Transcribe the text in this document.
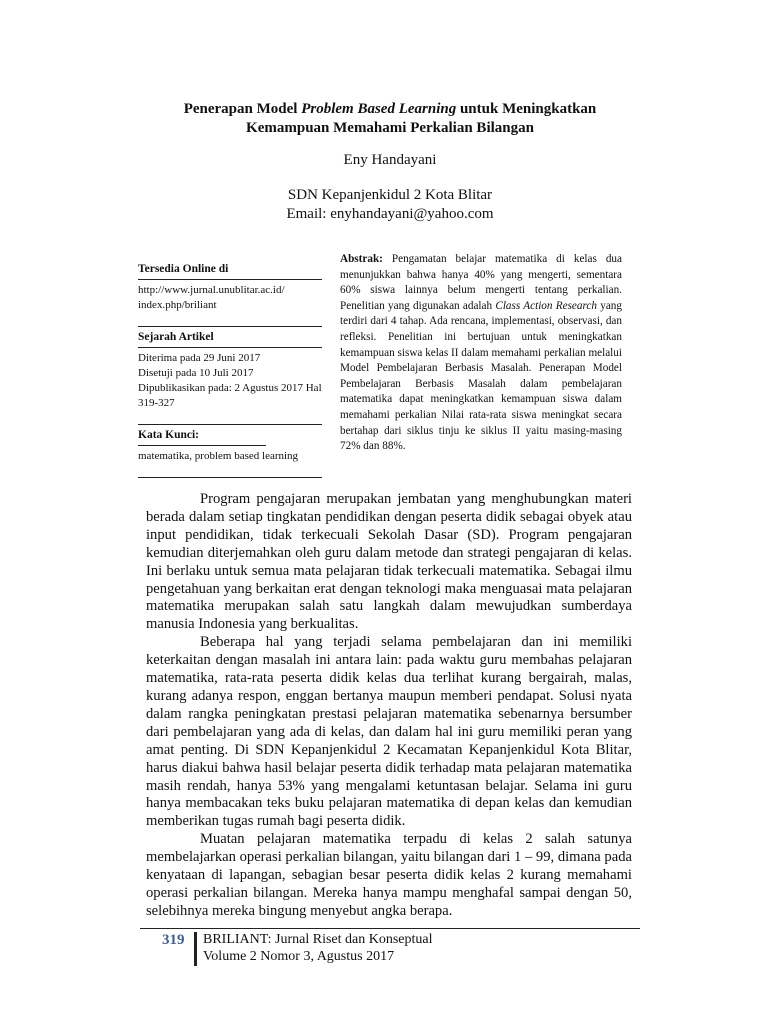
Penerapan Model Problem Based Learning untuk Meningkatkan
Kemampuan Memahami Perkalian Bilangan
Eny Handayani
SDN Kepanjenkidul 2 Kota Blitar
Email: enyhandayani@yahoo.com
Tersedia Online di
http://www.jurnal.unublitar.ac.id/
index.php/briliant
Sejarah Artikel
Diterima pada 29 Juni 2017
Disetuji pada 10 Juli 2017
Dipublikasikan pada: 2 Agustus 2017 Hal 319-327
Kata Kunci:
matematika, problem based learning
Abstrak: Pengamatan belajar matematika di kelas dua menunjukkan bahwa hanya 40% yang mengerti, sementara 60% siswa lainnya belum mengerti tentang perkalian. Penelitian yang digunakan adalah Class Action Research yang terdiri dari 4 tahap. Ada rencana, implementasi, observasi, dan refleksi. Penelitian ini bertujuan untuk meningkatkan kemampuan siswa kelas II dalam memahami perkalian melalui Model Pembelajaran Berbasis Masalah. Penerapan Model Pembelajaran Berbasis Masalah dalam pembelajaran matematika dapat meningkatkan kemampuan siswa dalam memahami perkalian Nilai rata-rata siswa meningkat secara bertahap dari siklus tinju ke siklus II yaitu masing-masing 72% dan 88%.

Program pengajaran merupakan jembatan yang menghubungkan materi berada dalam setiap tingkatan pendidikan dengan peserta didik sebagai obyek atau input pendidikan, tidak terkecuali Sekolah Dasar (SD). Program pengajaran kemudian diterjemahkan oleh guru dalam metode dan strategi pengajaran di kelas. Ini berlaku untuk semua mata pelajaran tidak terkecuali matematika. Sebagai ilmu pengetahuan yang berkaitan erat dengan teknologi maka menguasai mata pelajaran matematika merupakan salah satu langkah dalam mewujudkan sumberdaya manusia Indonesia yang berkualitas.

Beberapa hal yang terjadi selama pembelajaran dan ini memiliki keterkaitan dengan masalah ini antara lain: pada waktu guru membahas pelajaran matematika, rata-rata peserta didik kelas dua terlihat kurang bergairah, malas, kurang adanya respon, enggan bertanya maupun memberi pendapat. Solusi nyata dalam rangka peningkatan prestasi pelajaran matematika sebenarnya bersumber dari pembelajaran yang ada di kelas, dan dalam hal ini guru memiliki peran yang amat penting. Di SDN Kepanjenkidul 2 Kecamatan Kepanjenkidul Kota Blitar, harus diakui bahwa hasil belajar peserta didik terhadap mata pelajaran matematika masih rendah, hanya 53% yang mengalami ketuntasan belajar. Selama ini guru hanya membacakan teks buku pelajaran matematika di depan kelas dan kemudian memberikan tugas rumah bagi peserta didik.

Muatan pelajaran matematika terpadu di kelas 2 salah satunya membelajarkan operasi perkalian bilangan, yaitu bilangan dari 1 – 99, dimana pada kenyataan di lapangan, sebagian besar peserta didik kelas 2 kurang memahami operasi perkalian bilangan. Mereka hanya mampu menghafal sampai dengan 50, selebihnya mereka bingung menyebut angka berapa.

319 BRILIANT: Jurnal Riset dan Konseptual
Volume 2 Nomor 3, Agustus 2017
